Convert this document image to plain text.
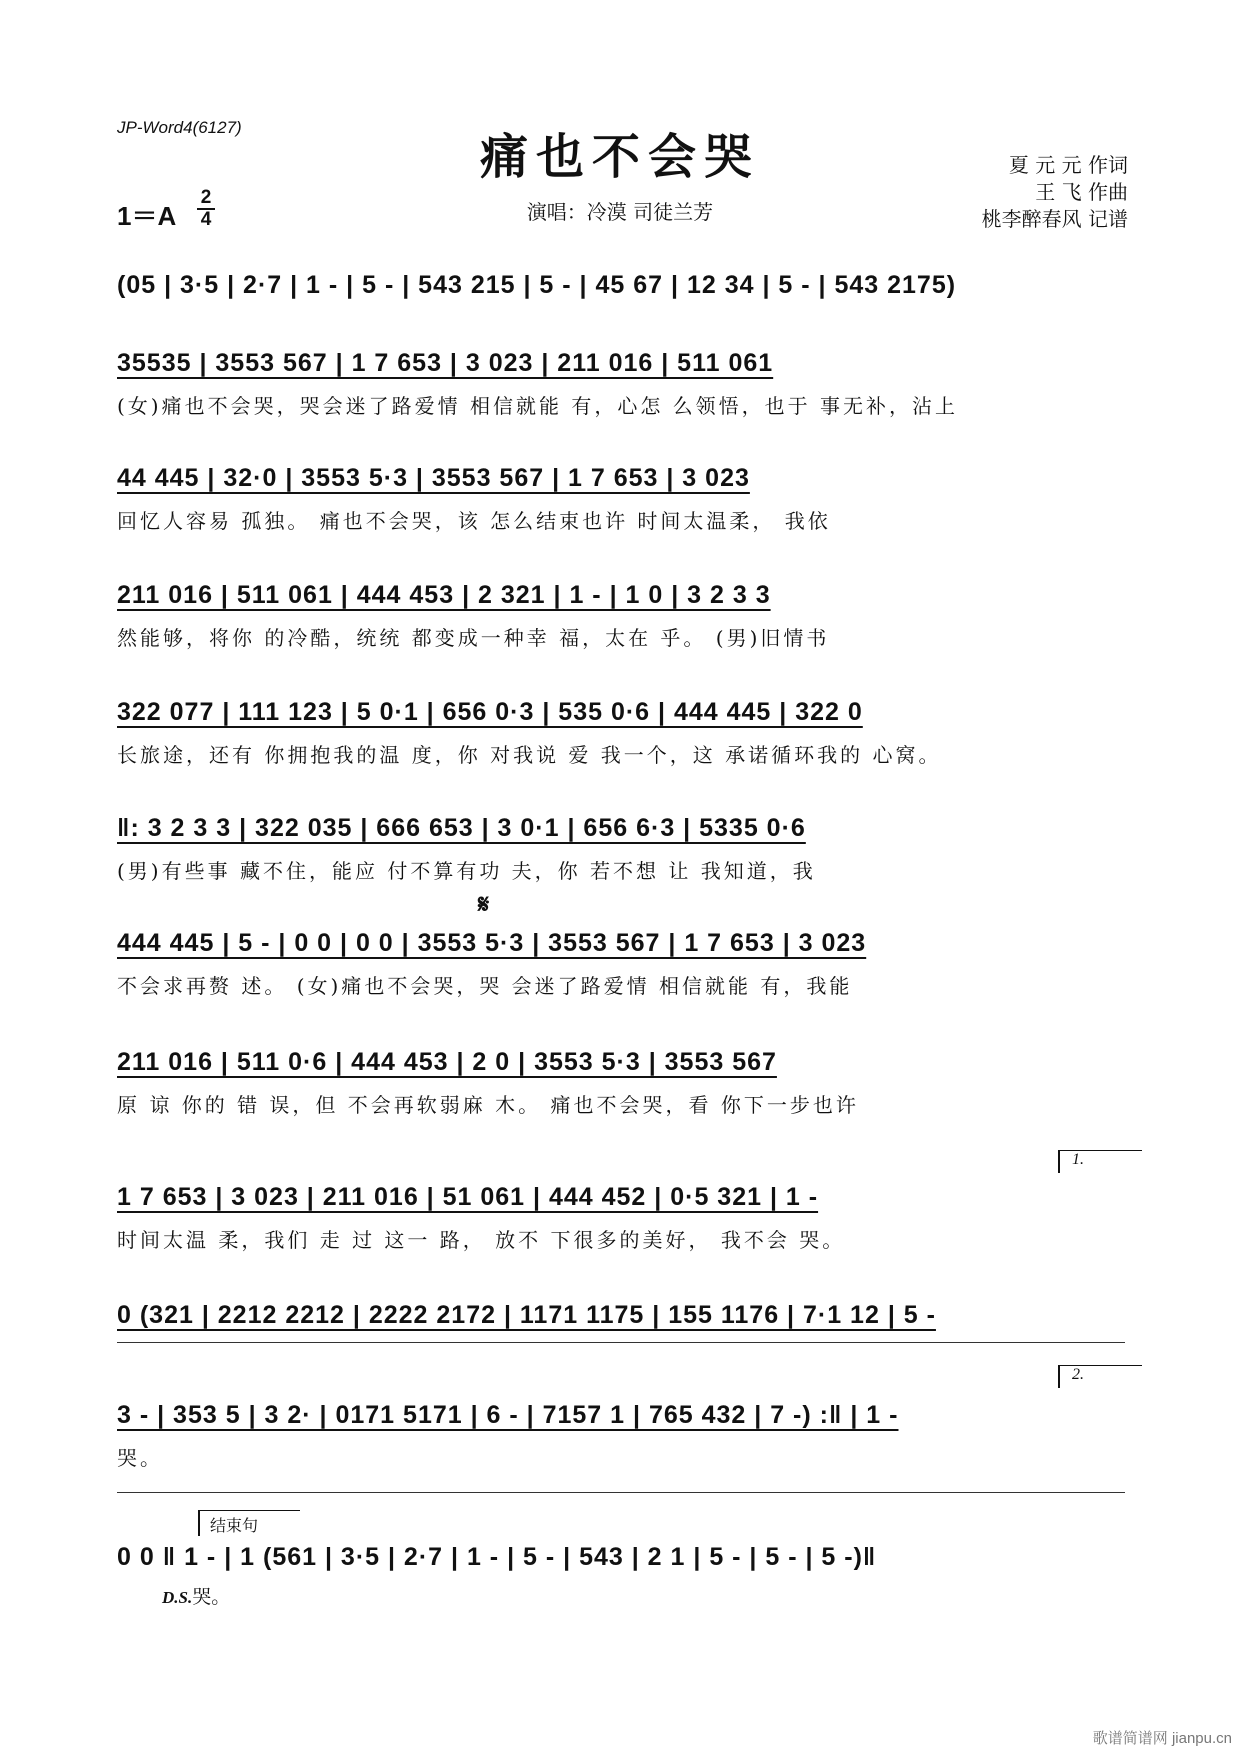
JP-Word4(6127)
痛也不会哭	夏 元 元 作词
王 飞 作曲
桃李醉春风 记谱
1＝A
2
4	演唱：冷漠 司徒兰芳
(05 | 3·5 | 2·7 | 1 - | 5 - | 543 215 | 5 - | 45 67 | 12 34 | 5 - | 543 2175)
35535 | 3553 567 | 1 7 653 | 3 023 | 211 016 | 511 061
(女)痛也不会哭，哭会迷了路爱情 相信就能 有，心怎 么领悟，也于 事无补，沾上
44 445 | 32·0 | 3553 5·3 | 3553 567 | 1 7 653 | 3 023
回忆人容易 孤独。 痛也不会哭，该 怎么结束也许 时间太温柔， 我依
211 016 | 511 061 | 444 453 | 2 321 | 1 - | 1 0 | 3 2 3 3
然能够，将你 的冷酷，统统 都变成一种幸 福，太在 乎。 (男)旧情书
322 077 | 111 123 | 5 0·1 | 656 0·3 | 535 0·6 | 444 445 | 322 0
长旅途，还有 你拥抱我的温 度，你 对我说 爱 我一个，这 承诺循环我的 心窝。
‖: 3 2 3 3 | 322 035 | 666 653 | 3 0·1 | 656 6·3 | 5335 0·6
(男)有些事 藏不住，能应 付不算有功 夫，你 若不想 让 我知道，我
𝄋
444 445 | 5 - | 0 0 | 0 0 | 3553 5·3 | 3553 567 | 1 7 653 | 3 023
不会求再赘 述。 (女)痛也不会哭，哭 会迷了路爱情 相信就能 有，我能
211 016 | 511 0·6 | 444 453 | 2 0 | 3553 5·3 | 3553 567
原 谅 你的 错 误，但 不会再软弱麻 木。 痛也不会哭，看 你下一步也许
1.
1 7 653 | 3 023 | 211 016 | 51 061 | 444 452 | 0·5 321 | 1 -
时间太温 柔，我们 走 过 这一 路， 放不 下很多的美好， 我不会 哭。
0 (321 | 2212 2212 | 2222 2172 | 1171 1175 | 155 1176 | 7·1 12 | 5 -
2.
3 - | 353 5 | 3 2· | 0171 5171 | 6 - | 7157 1 | 765 432 | 7 -) :‖ | 1 -
哭。
结束句
0 0 ‖ 1 - | 1 (561 | 3·5 | 2·7 | 1 - | 5 - | 543 | 2 1 | 5 - | 5 - | 5 -)‖
D.S.哭。
歌谱简谱网 jianpu.cn
